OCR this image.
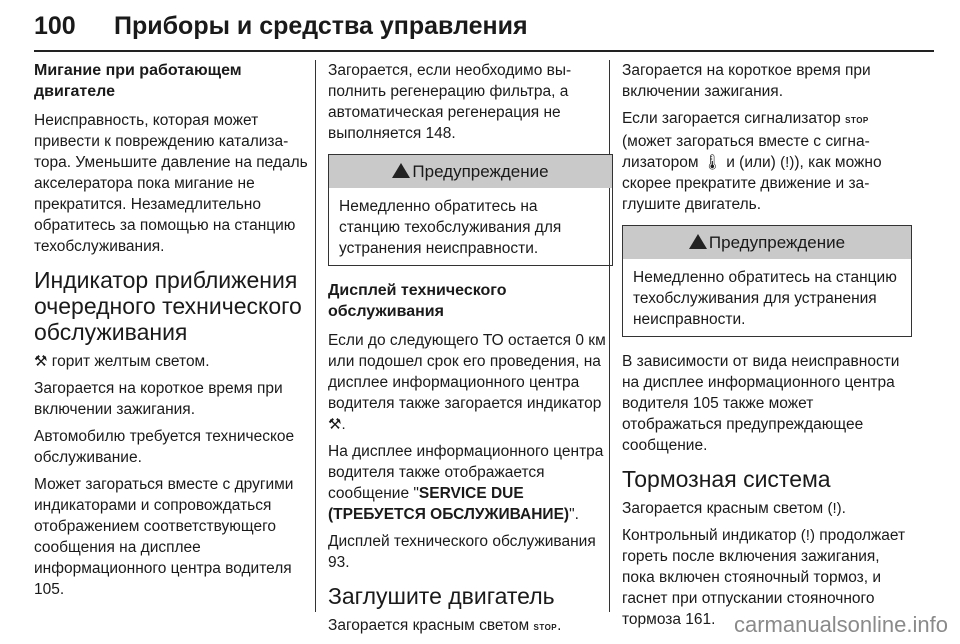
100 Приборы и средства управления
Мигание при работающем двигателе

Неисправность, которая может привести к повреждению катализатора. Уменьшите давление на педаль акселератора пока мигание не прекратится. Незамедлительно обратитесь за помощью на станцию техобслуживания.

Индикатор приближения очередного технического обслуживания

⚒ горит желтым светом.

Загорается на короткое время при включении зажигания.

Автомобилю требуется техническое обслуживание.

Может загораться вместе с другими индикаторами и сопровождаться отображением соответствующего сообщения на дисплее информационного центра водителя 105.

Загорается, если необходимо выполнить регенерацию фильтра, а автоматическая регенерация не выполняется 148.

Предупреждение
Немедленно обратитесь на станцию техобслуживания для устранения неисправности.
Дисплей технического обслуживания

Если до следующего ТО остается 0 км или подошел срок его проведения, на дисплее информационного центра водителя также загорается индикатор ⚒.

На дисплее информационного центра водителя также отображается сообщение "SERVICE DUE (ТРЕБУЕТСЯ ОБСЛУЖИВАНИЕ)".

Дисплей технического обслуживания 93.

Заглушите двигатель

Загорается красным светом STOP.

Загорается на короткое время при включении зажигания.

Если загорается сигнализатор STOP (может загораться вместе с сигнализатором 🌡 и (или) (!)), как можно скорее прекратите движение и заглушите двигатель.

Предупреждение
Немедленно обратитесь на станцию техобслуживания для устранения неисправности.

В зависимости от вида неисправности на дисплее информационного центра водителя 105 также может отображаться предупреждающее сообщение.

Тормозная система

Загорается красным светом (!).

Контрольный индикатор (!) продолжает гореть после включения зажигания, пока включен стояночный тормоз, и гаснет при отпускании стояночного тормоза 161. carmanualsonline.info
